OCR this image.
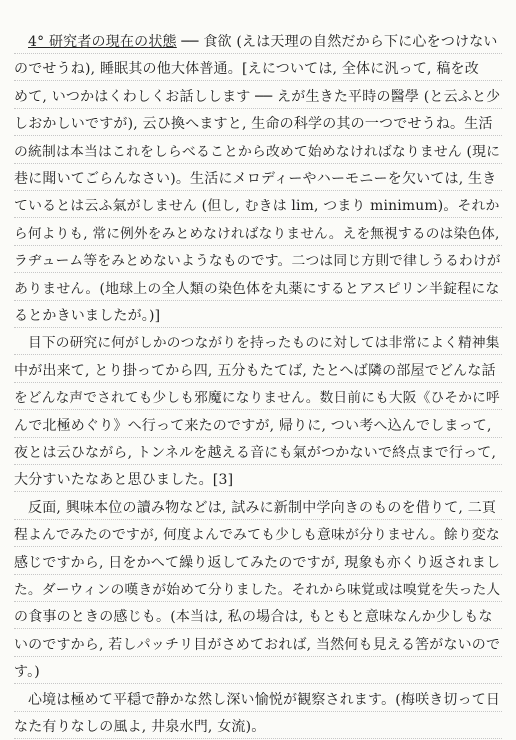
4° 研究者の現在の状態 ── 食欲 (えは天理の自然だから下に心をつけない
のでせうね), 睡眠其の他大体普通。[えについては, 全体に汎って, 稿を改
めて, いつかはくわしくお話しします ── えが生きた平時の醫學 (と云ふと少
しおかしいですが), 云ひ換へますと, 生命の科学の其の一つでせうね。生活
の統制は本当はこれをしらべることから改めて始めなければなりません (現に
巷に聞いてごらんなさい)。生活にメロディーやハーモニーを欠いては, 生き
ているとは云ふ氣がしません (但し, むきは lim, つまり minimum)。それか
ら何よりも, 常に例外をみとめなければなりません。えを無視するのは染色体,
ラヂューム等をみとめないようなものです。二つは同じ方則で律しうるわけが
ありません。(地球上の全人類の染色体を丸薬にするとアスピリン半錠程にな
るとかきいましたが。)]
目下の研究に何がしかのつながりを持ったものに対しては非常によく精神集
中が出来て, とり掛ってから四, 五分もたてば, たとへば隣の部屋でどんな話
をどんな声でされても少しも邪魔になりません。数日前にも大阪《ひそかに呼
んで北極めぐり》へ行って来たのですが, 帰りに, つい考へ込んでしまって,
夜とは云ひながら, トンネルを越える音にも氣がつかないで終点まで行って,
大分すいたなあと思ひました。[3]
反面, 興味本位の讀み物などは, 試みに新制中学向きのものを借りて, 二頁
程よんでみたのですが, 何度よんでみても少しも意味が分りません。餘り変な
感じですから, 日をかへて繰り返してみたのですが, 現象も亦くり返されまし
た。ダーウィンの嘆きが始めて分りました。それから味覚或は嗅覚を失った人
の食事のときの感じも。(本当は, 私の場合は, もともと意味なんか少しもな
いのですから, 若しパッチリ目がさめておれば, 当然何も見える筈がないので
す。)
心境は極めて平穏で静かな然し深い愉悦が観察されます。(梅咲き切って日
なた有りなしの風よ, 井泉水門, 女流)。
